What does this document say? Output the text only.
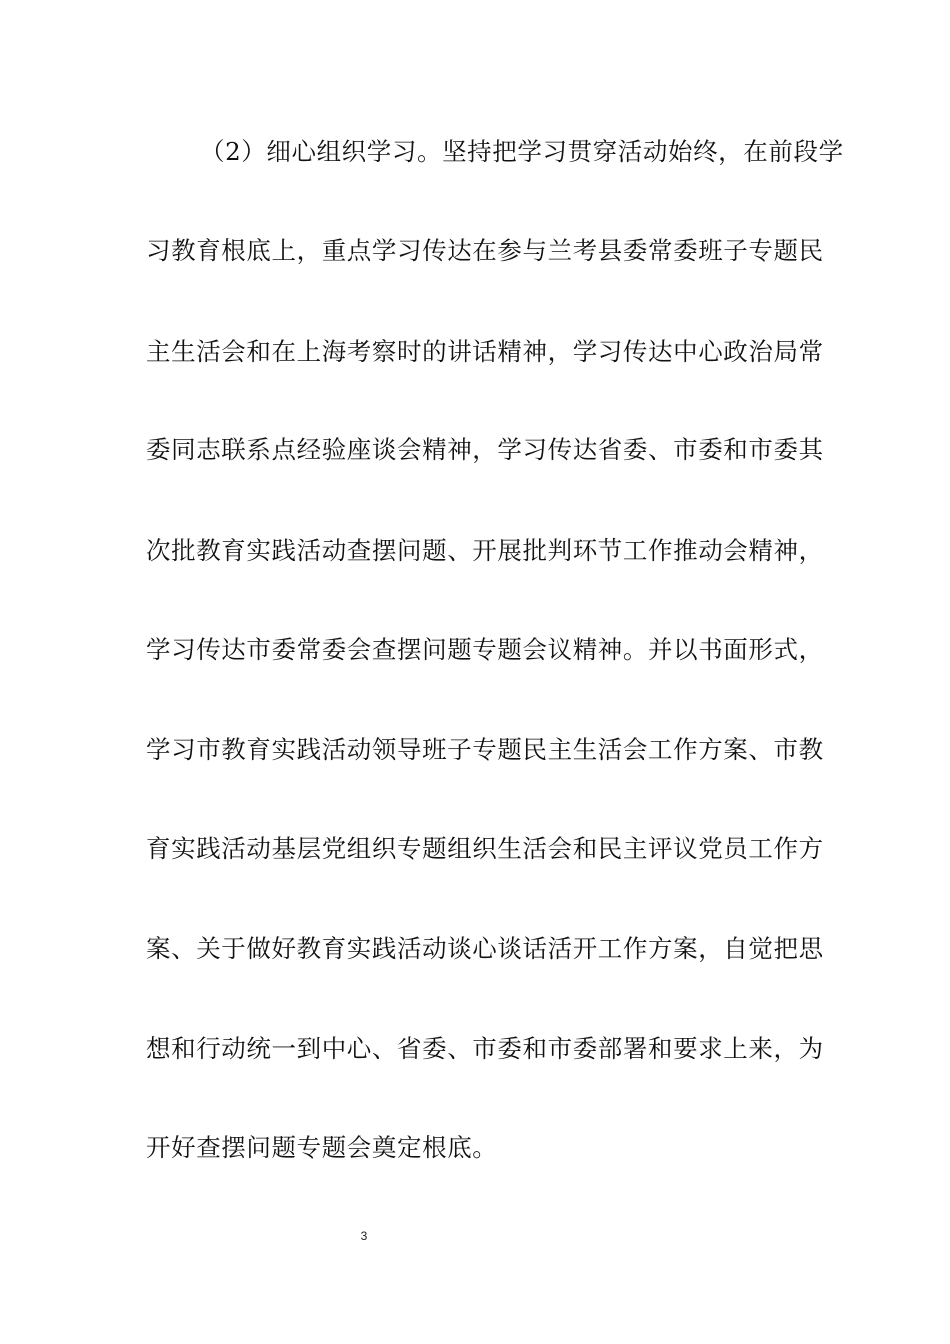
（2）细心组织学习。坚持把学习贯穿活动始终，在前段学
习教育根底上，重点学习传达在参与兰考县委常委班子专题民
主生活会和在上海考察时的讲话精神，学习传达中心政治局常
委同志联系点经验座谈会精神，学习传达省委、市委和市委其
次批教育实践活动查摆问题、开展批判环节工作推动会精神，
学习传达市委常委会查摆问题专题会议精神。并以书面形式，
学习市教育实践活动领导班子专题民主生活会工作方案、市教
育实践活动基层党组织专题组织生活会和民主评议党员工作方
案、关于做好教育实践活动谈心谈话活开工作方案，自觉把思
想和行动统一到中心、省委、市委和市委部署和要求上来，为
开好查摆问题专题会奠定根底。
3
